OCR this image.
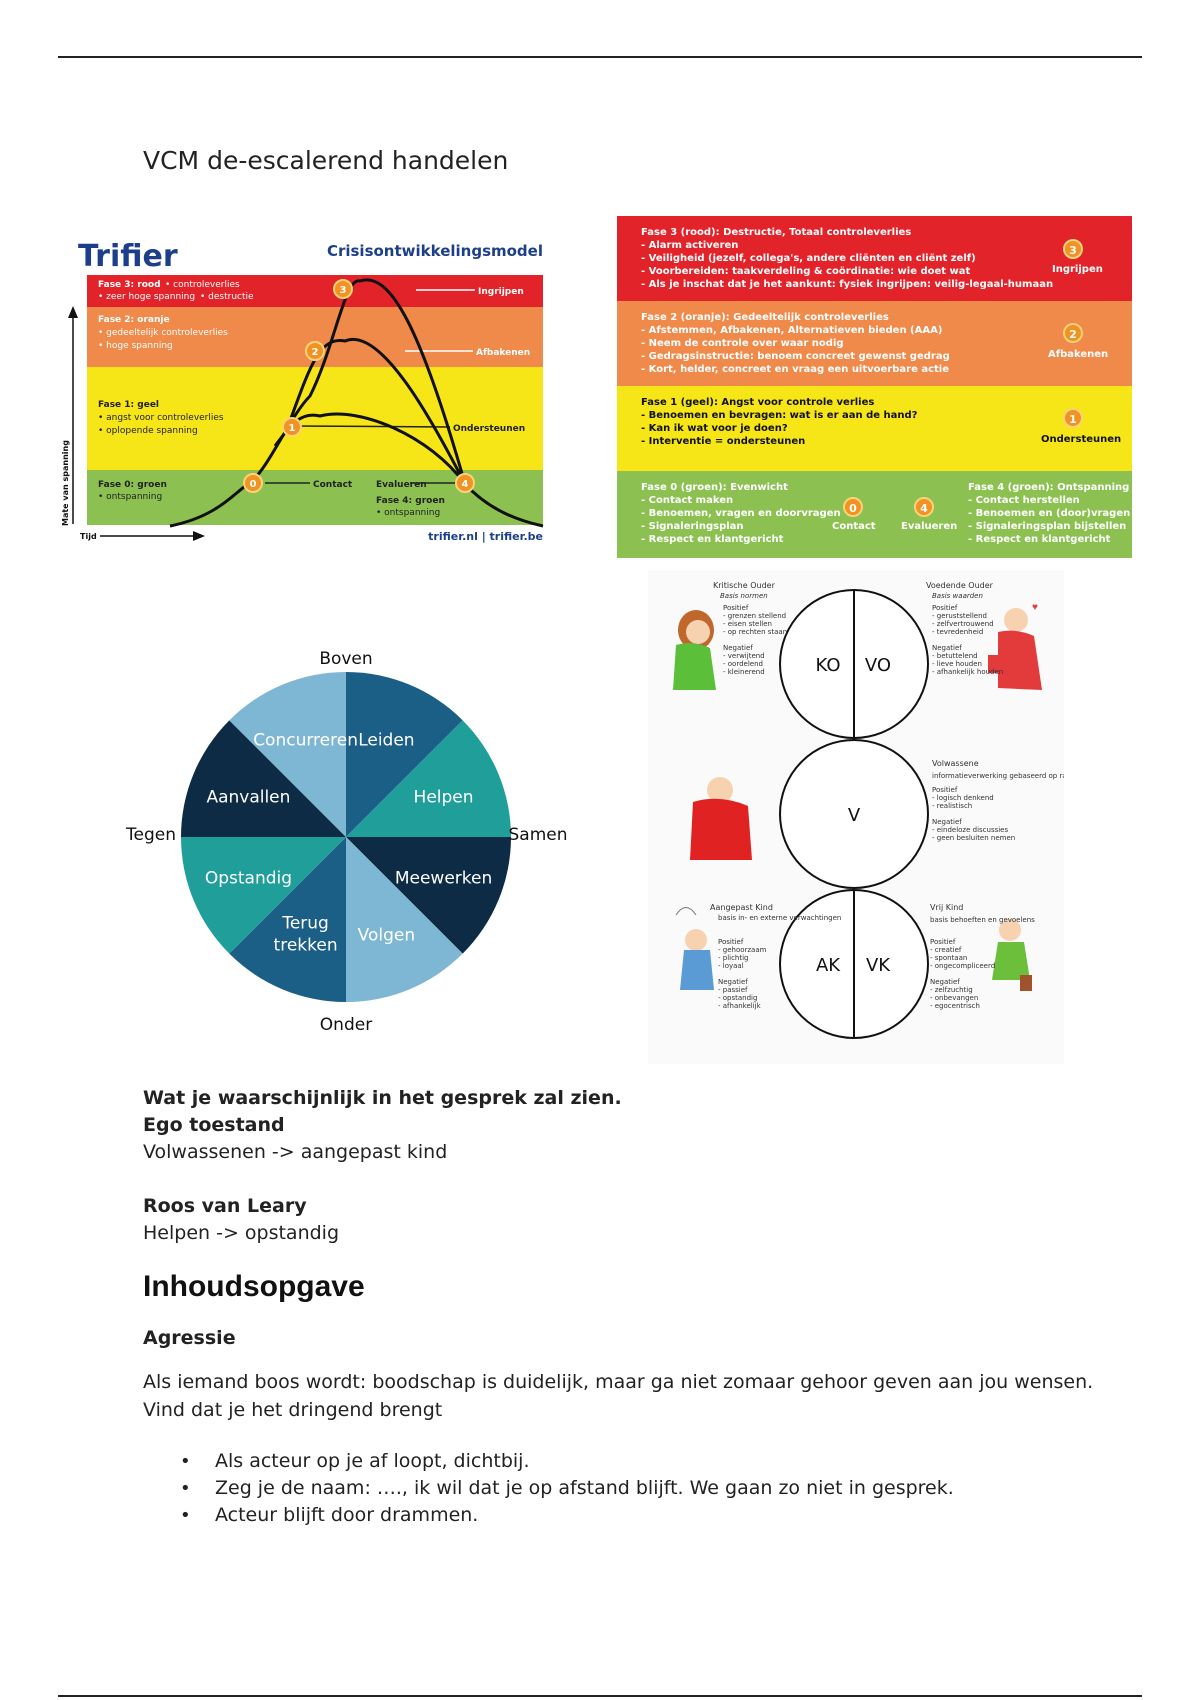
VCM de-escalerend handelen
Trifier	Crisisontwikkelingsmodel
Fase 3: rood • controleverlies
• zeer hoge spanning • destructie
Fase 2: oranje
• gedeeltelijk controleverlies
• hoge spanning
Fase 1: geel
• angst voor controleverlies
• oplopende spanning
Fase 0: groen
• ontspanning
Evalueren
Fase 4: groen
• ontspanning
Contact
Ondersteunen
Ingrijpen
Afbakenen
0
1
2
3
4
Mate van spanning
Tijd	trifier.nl | trifier.be
Fase 3 (rood): Destructie, Totaal controleverlies
- Alarm activeren
- Veiligheid (jezelf, collega's, andere cliënten en cliënt zelf)
- Voorbereiden: taakverdeling & coördinatie: wie doet wat
- Als je inschat dat je het aankunt: fysiek ingrijpen: veilig-legaal-humaan
3
Ingrijpen
Fase 2 (oranje): Gedeeltelijk controleverlies
- Afstemmen, Afbakenen, Alternatieven bieden (AAA)
- Neem de controle over waar nodig
- Gedragsinstructie: benoem concreet gewenst gedrag
- Kort, helder, concreet en vraag een uitvoerbare actie
2
Afbakenen
Fase 1 (geel): Angst voor controle verlies
- Benoemen en bevragen: wat is er aan de hand?
- Kan ik wat voor je doen?
- Interventie = ondersteunen
1
Ondersteunen
Fase 0 (groen): Evenwicht
- Contact maken
- Benoemen, vragen en doorvragen
- Signaleringsplan
- Respect en klantgericht
0
Contact
4
Evalueren
Fase 4 (groen): Ontspanning
- Contact herstellen
- Benoemen en (door)vragen
- Signaleringsplan bijstellen
- Respect en klantgericht
Leiden
Helpen
Meewerken
Volgen
Terug trekken
Opstandig
Aanvallen
Concurreren
Boven
Onder
Tegen	Samen
KO VO
V
AK VK
♥
Kritische Ouder
Basis normen
Positief
- grenzen stellend
- eisen stellen
- op rechten staan
Negatief
- verwijtend
- oordelend
- kleinerend
Voedende Ouder
Basis waarden
Positief
- geruststellend
- zelfvertrouwend
- tevredenheid
Negatief
- betuttelend
- lieve houden
- afhankelijk houden
Volwassene
informatieverwerking gebaseerd op ratio
Positief
- logisch denkend
- realistisch
Negatief
- eindeloze discussies
- geen besluiten nemen
Aangepast Kind
basis in- en externe verwachtingen
Positief
- gehoorzaam
- plichtig
- loyaal
Negatief
- passief
- opstandig
- afhankelijk
Vrij Kind
basis behoeften en gevoelens
Positief
- creatief
- spontaan
- ongecompliceerd
Negatief
- zelfzuchtig
- onbevangen
- egocentrisch
Wat je waarschijnlijk in het gesprek zal zien.
Ego toestand
Volwassenen -> aangepast kind
Roos van Leary
Helpen -> opstandig
Inhoudsopgave
Agressie
Als iemand boos wordt: boodschap is duidelijk, maar ga niet zomaar gehoor geven aan jou wensen.
Vind dat je het dringend brengt
• Als acteur op je af loopt, dichtbij.
• Zeg je de naam: …., ik wil dat je op afstand blijft. We gaan zo niet in gesprek.
• Acteur blijft door drammen.
